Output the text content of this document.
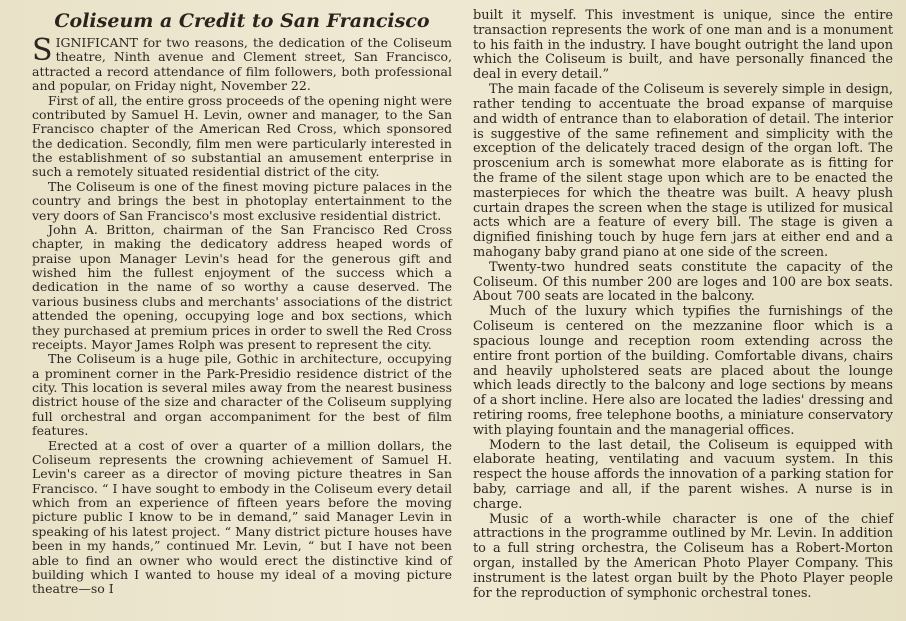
Coliseum a Credit to San Francisco

SIGNIFICANT for two reasons, the dedication of the Coliseum theatre, Ninth avenue and Clement street, San Francisco, attracted a record attendance of film followers, both professional and popular, on Friday night, November 22.

First of all, the entire gross proceeds of the opening night were contributed by Samuel H. Levin, owner and manager, to the San Francisco chapter of the American Red Cross, which sponsored the dedication. Secondly, film men were particularly interested in the establishment of so substantial an amusement enterprise in such a remotely situated residential district of the city.

The Coliseum is one of the finest moving picture palaces in the country and brings the best in photoplay entertainment to the very doors of San Francisco's most exclusive residential district.

John A. Britton, chairman of the San Francisco Red Cross chapter, in making the dedicatory address heaped words of praise upon Manager Levin's head for the generous gift and wished him the fullest enjoyment of the success which a dedication in the name of so worthy a cause deserved. The various business clubs and merchants' associations of the district attended the opening, occupying loge and box sections, which they purchased at premium prices in order to swell the Red Cross receipts. Mayor James Rolph was present to represent the city.

The Coliseum is a huge pile, Gothic in architecture, occupying a prominent corner in the Park-Presidio residence district of the city. This location is several miles away from the nearest business district house of the size and character of the Coliseum supplying full orchestral and organ accompaniment for the best of film features.

Erected at a cost of over a quarter of a million dollars, the Coliseum represents the crowning achievement of Samuel H. Levin's career as a director of moving picture theatres in San Francisco. “ I have sought to embody in the Coliseum every detail which from an experience of fifteen years before the moving picture public I know to be in demand,” said Manager Levin in speaking of his latest project. “ Many district picture houses have been in my hands,” continued Mr. Levin, “ but I have not been able to find an owner who would erect the distinctive kind of building which I wanted to house my ideal of a moving picture theatre—so I

built it myself. This investment is unique, since the entire transaction represents the work of one man and is a monument to his faith in the industry. I have bought outright the land upon which the Coliseum is built, and have personally financed the deal in every detail.”

The main facade of the Coliseum is severely simple in design, rather tending to accentuate the broad expanse of marquise and width of entrance than to elaboration of detail. The interior is suggestive of the same refinement and simplicity with the exception of the delicately traced design of the organ loft. The proscenium arch is somewhat more elaborate as is fitting for the frame of the silent stage upon which are to be enacted the masterpieces for which the theatre was built. A heavy plush curtain drapes the screen when the stage is utilized for musical acts which are a feature of every bill. The stage is given a dignified finishing touch by huge fern jars at either end and a mahogany baby grand piano at one side of the screen.

Twenty-two hundred seats constitute the capacity of the Coliseum. Of this number 200 are loges and 100 are box seats. About 700 seats are located in the balcony.

Much of the luxury which typifies the furnishings of the Coliseum is centered on the mezzanine floor which is a spacious lounge and reception room extending across the entire front portion of the building. Comfortable divans, chairs and heavily upholstered seats are placed about the lounge which leads directly to the balcony and loge sections by means of a short incline. Here also are located the ladies' dressing and retiring rooms, free telephone booths, a miniature conservatory with playing fountain and the managerial offices.

Modern to the last detail, the Coliseum is equipped with elaborate heating, ventilating and vacuum system. In this respect the house affords the innovation of a parking station for baby, carriage and all, if the parent wishes. A nurse is in charge.

Music of a worth-while character is one of the chief attractions in the programme outlined by Mr. Levin. In addition to a full string orchestra, the Coliseum has a Robert-Morton organ, installed by the American Photo Player Company. This instrument is the latest organ built by the Photo Player people for the reproduction of symphonic orchestral tones.
